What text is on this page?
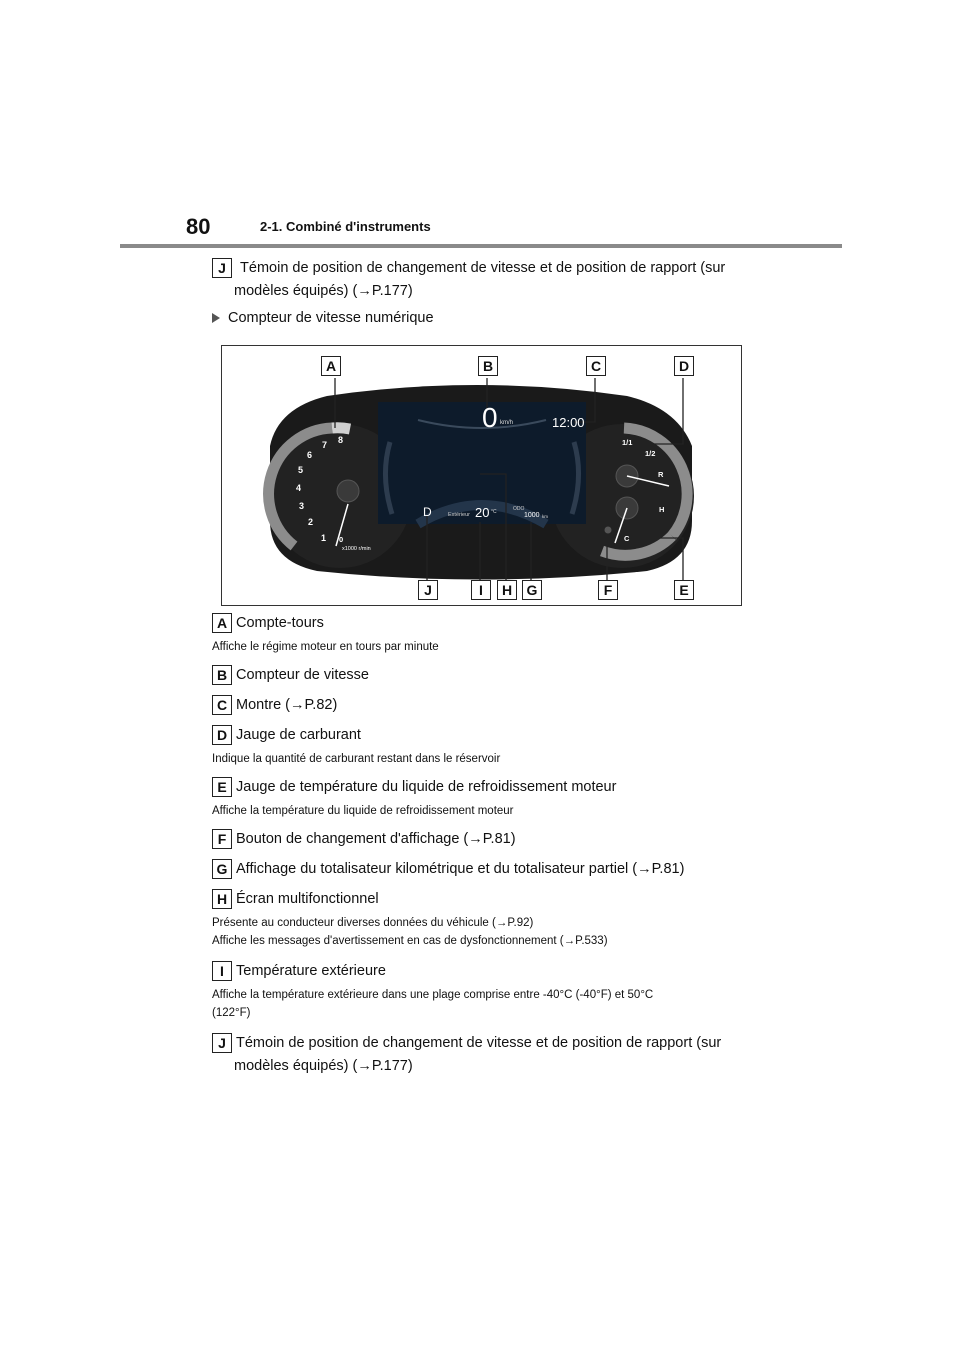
80	2-1. Combiné d'instruments
J Témoin de position de changement de vitesse et de position de rapport (sur
modèles équipés) (→P.177)
Compteur de vitesse numérique
0 km/h	12:00
D	Extérieur 20 °C	ODO
1000 km
1
2
3
4
5
6
7 8
0
x1000 r/min
1/1
1/2
R
H
C
A	B	C	D
J	I	H	G	F	E
A Compte-tours
Affiche le régime moteur en tours par minute
B Compteur de vitesse
C Montre (→P.82)
D Jauge de carburant
Indique la quantité de carburant restant dans le réservoir
E Jauge de température du liquide de refroidissement moteur
Affiche la température du liquide de refroidissement moteur
F Bouton de changement d'affichage (→P.81)
G Affichage du totalisateur kilométrique et du totalisateur partiel (→P.81)
H Écran multifonctionnel
Présente au conducteur diverses données du véhicule (→P.92)
Affiche les messages d'avertissement en cas de dysfonctionnement (→P.533)
I Température extérieure
Affiche la température extérieure dans une plage comprise entre -40°C (-40°F) et 50°C
(122°F)
J Témoin de position de changement de vitesse et de position de rapport (sur
modèles équipés) (→P.177)
